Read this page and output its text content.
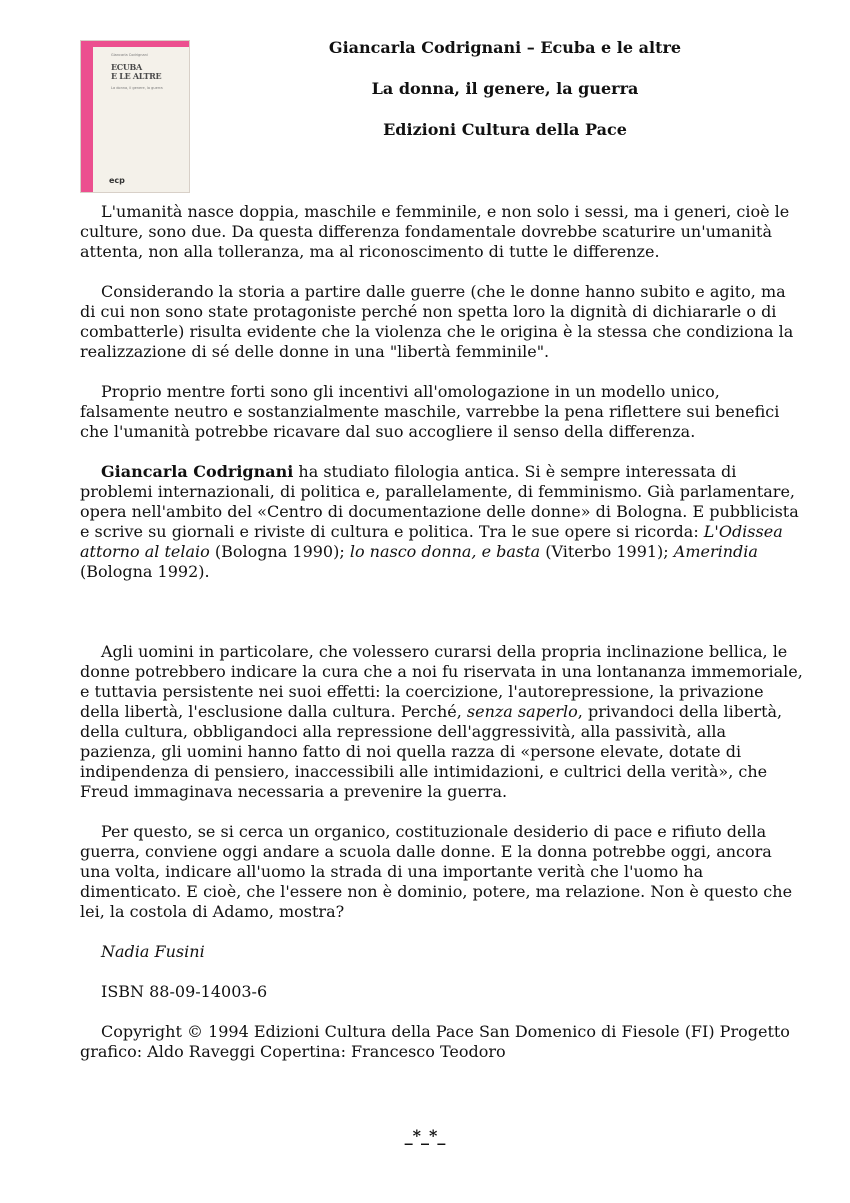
Giancarla Codrignani
ECUBA
E LE ALTRE
La donna, il genere, la guerra
ecp
Giancarla Codrignani – Ecuba e le altre
La donna, il genere, la guerra
Edizioni Cultura della Pace

L'umanità nasce doppia, maschile e femminile, e non solo i sessi, ma i generi, cioè le culture, sono due. Da questa differenza fondamentale dovrebbe scaturire un'umanità attenta, non alla tolleranza, ma al riconoscimento di tutte le differenze.

Considerando la storia a partire dalle guerre (che le donne hanno subito e agito, ma di cui non sono state protagoniste perché non spetta loro la dignità di dichiararle o di combatterle) risulta evidente che la violenza che le origina è la stessa che condiziona la realizzazione di sé delle donne in una "libertà femminile".

Proprio mentre forti sono gli incentivi all'omologazione in un modello unico, falsamente neutro e sostanzialmente maschile, varrebbe la pena riflettere sui benefici che l'umanità potrebbe ricavare dal suo accogliere il senso della differenza.

Giancarla Codrignani ha studiato filologia antica. Si è sempre interessata di problemi internazionali, di politica e, parallelamente, di femminismo. Già parlamentare, opera nell'ambito del «Centro di documentazione delle donne» di Bologna. E pubblicista e scrive su giornali e riviste di cultura e politica. Tra le sue opere si ricorda: L'Odissea attorno al telaio (Bologna 1990); lo nasco donna, e basta (Viterbo 1991); Amerindia (Bologna 1992).

Agli uomini in particolare, che volessero curarsi della propria inclinazione bellica, le donne potrebbero indicare la cura che a noi fu riservata in una lontananza immemoriale, e tuttavia persistente nei suoi effetti: la coercizione, l'autorepressione, la privazione della libertà, l'esclusione dalla cultura. Perché, senza saperlo, privandoci della libertà, della cultura, obbligandoci alla repressione dell'aggressività, alla passività, alla pazienza, gli uomini hanno fatto di noi quella razza di «persone elevate, dotate di indipendenza di pensiero, inaccessibili alle intimidazioni, e cultrici della verità», che Freud immaginava necessaria a prevenire la guerra.

Per questo, se si cerca un organico, costituzionale desiderio di pace e rifiuto della guerra, conviene oggi andare a scuola dalle donne. E la donna potrebbe oggi, ancora una volta, indicare all'uomo la strada di una importante verità che l'uomo ha dimenticato. E cioè, che l'essere non è dominio, potere, ma relazione. Non è questo che lei, la costola di Adamo, mostra?

Nadia Fusini

ISBN 88-09-14003-6

Copyright © 1994 Edizioni Cultura della Pace San Domenico di Fiesole (FI) Progetto grafico: Aldo Raveggi Copertina: Francesco Teodoro

_*_*_
